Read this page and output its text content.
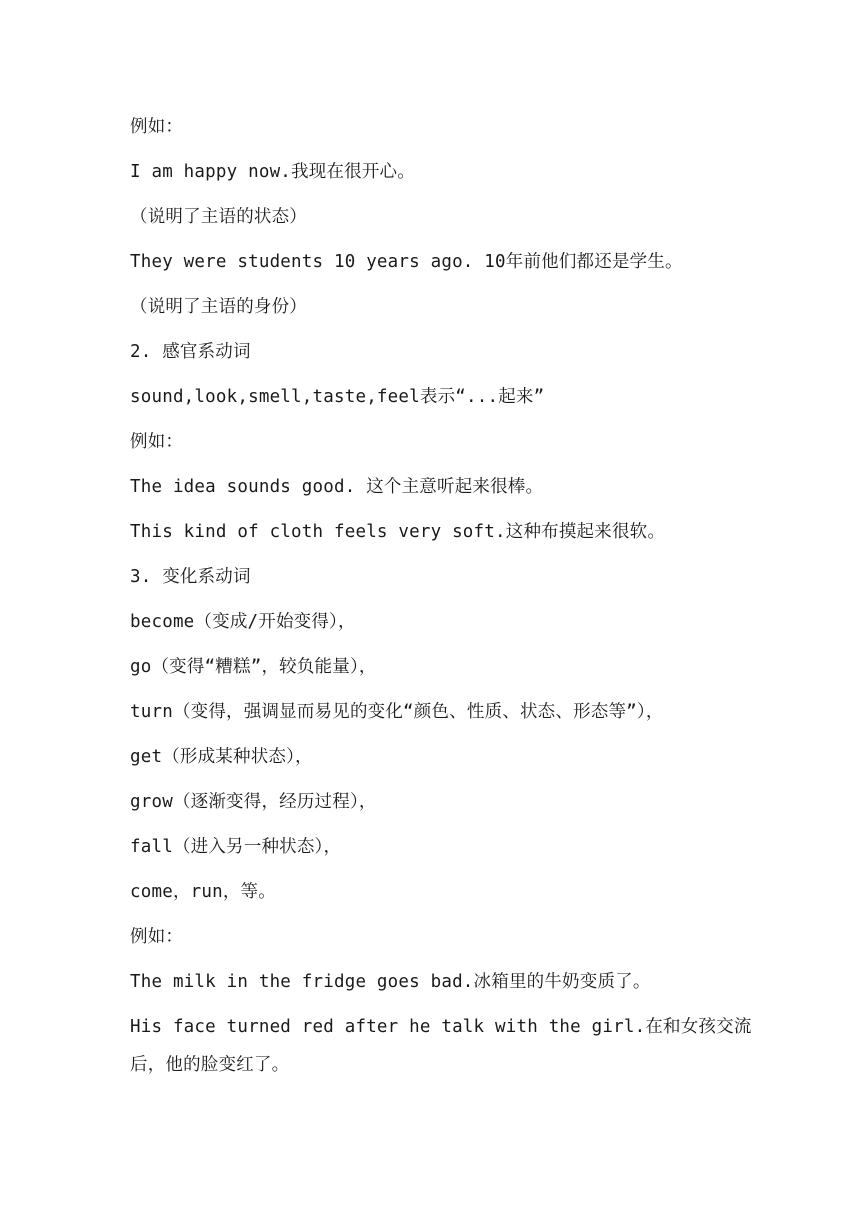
例如：
I am happy now.我现在很开心。
（说明了主语的状态）
They were students 10 years ago. 10年前他们都还是学生。
（说明了主语的身份）
2. 感官系动词
sound,look,smell,taste,feel表示“...起来”
例如：
The idea sounds good. 这个主意听起来很棒。
This kind of cloth feels very soft.这种布摸起来很软。
3. 变化系动词
become（变成/开始变得），
go（变得“糟糕”，较负能量），
turn（变得，强调显而易见的变化“颜色、性质、状态、形态等”），
get（形成某种状态），
grow（逐渐变得，经历过程），
fall（进入另一种状态），
come，run，等。
例如：
The milk in the fridge goes bad.冰箱里的牛奶变质了。
His face turned red after he talk with the girl.在和女孩交流
后，他的脸变红了。
